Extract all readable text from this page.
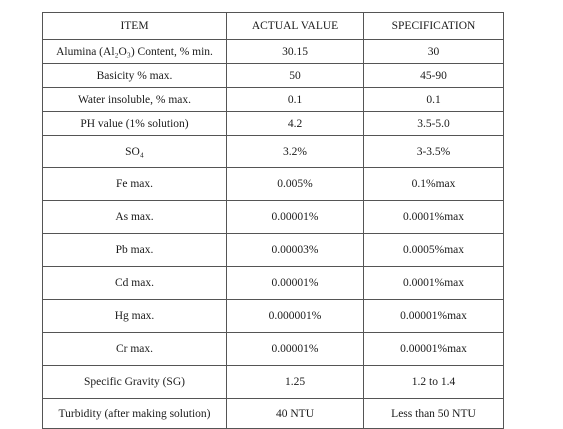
ITEM	ACTUAL VALUE	SPECIFICATION
Alumina (Al₂O₃) Content, % min.	30.15	30
Basicity % max.	50	45-90
Water insoluble, % max.	0.1	0.1
PH value (1% solution)	4.2	3.5-5.0
SO₄	3.2%	3-3.5%
Fe max.	0.005%	0.1%max
As max.	0.00001%	0.0001%max
Pb max.	0.00003%	0.0005%max
Cd max.	0.00001%	0.0001%max
Hg max.	0.000001%	0.00001%max
Cr max.	0.00001%	0.00001%max
Specific Gravity (SG)	1.25	1.2 to 1.4
Turbidity (after making solution)	40 NTU	Less than 50 NTU
